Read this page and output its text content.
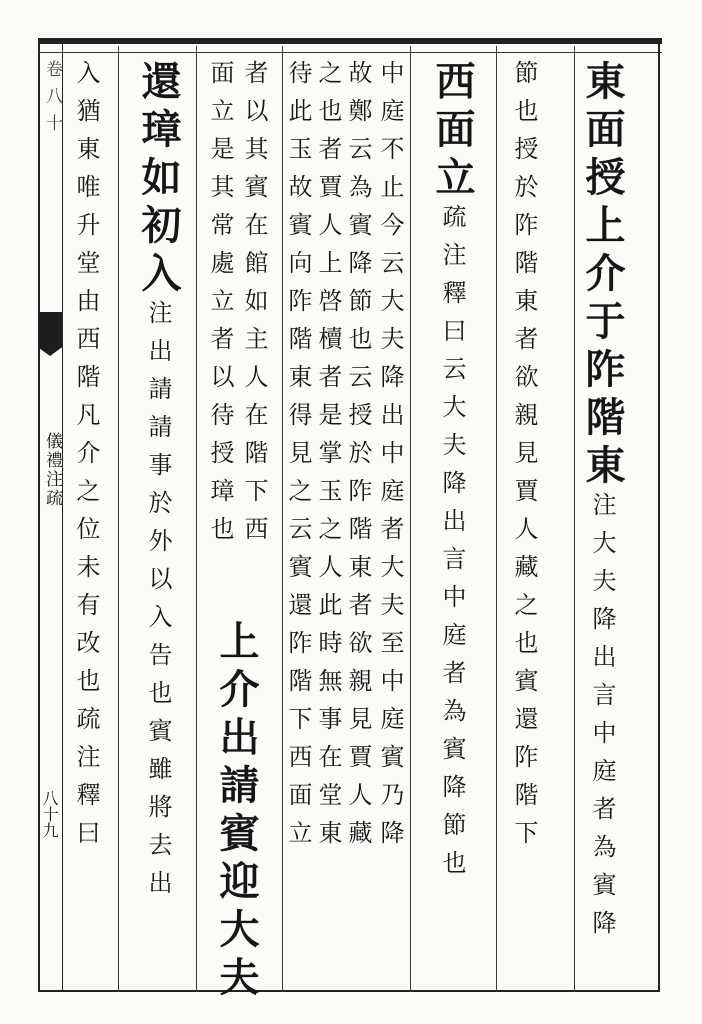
卷八十
儀禮注疏
八十九
東面授上介于阼階東注大夫降出言中庭者為賓降
節也授於阼階東者欲親見賈人藏之也賓還阼階下
西面立疏注釋曰云大夫降出言中庭者為賓降節也
中庭不止今云大夫降出中庭者大夫至中庭賓乃降
故鄭云為賓降節也云授於阼階東者欲親見賈人藏
之也者賈人上啓櫝者是掌玉之人此時無事在堂東
待此玉故賓向阼階東得見之云賓還阼階下西面立
者以其賓在館如主人在階下西
面立是其常處立者以待授璋也
上介出請賓迎大夫
還璋如初入注出請請事於外以入告也賓雖將去出
入猶東唯升堂由西階凡介之位未有改也疏注釋曰
